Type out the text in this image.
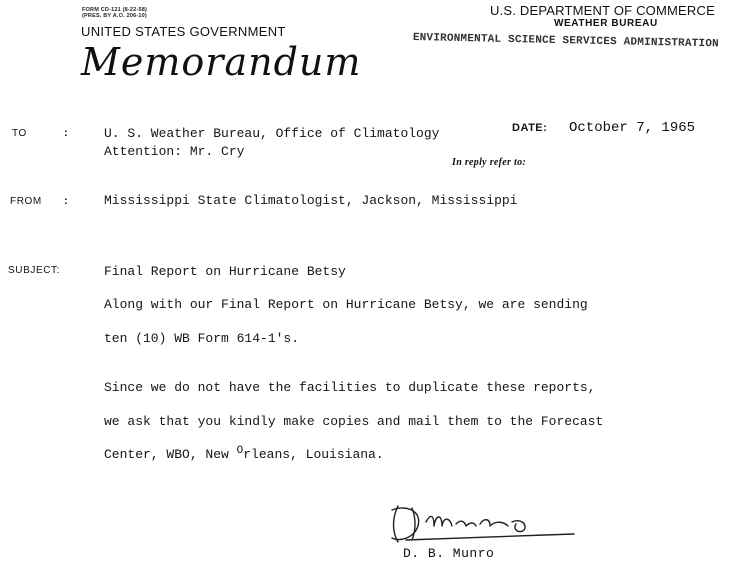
FORM CD-121 (8-22-58)
(PRES. BY A.O. 206-10)
UNITED STATES GOVERNMENT
Memorandum
U.S. DEPARTMENT OF COMMERCE
WEATHER BUREAU
ENVIRONMENTAL SCIENCE SERVICES ADMINISTRATION
TO	:	U. S. Weather Bureau, Office of Climatology
Attention: Mr. Cry
DATE: October 7, 1965
In reply refer to:
FROM :	Mississippi State Climatologist, Jackson, Mississippi
SUBJECT:	Final Report on Hurricane Betsy
Along with our Final Report on Hurricane Betsy, we are sending
ten (10) WB Form 614-1's.
Since we do not have the facilities to duplicate these reports,
we ask that you kindly make copies and mail them to the Forecast
Center, WBO, New $^O$rleans, Louisiana.
D. B. Munro
